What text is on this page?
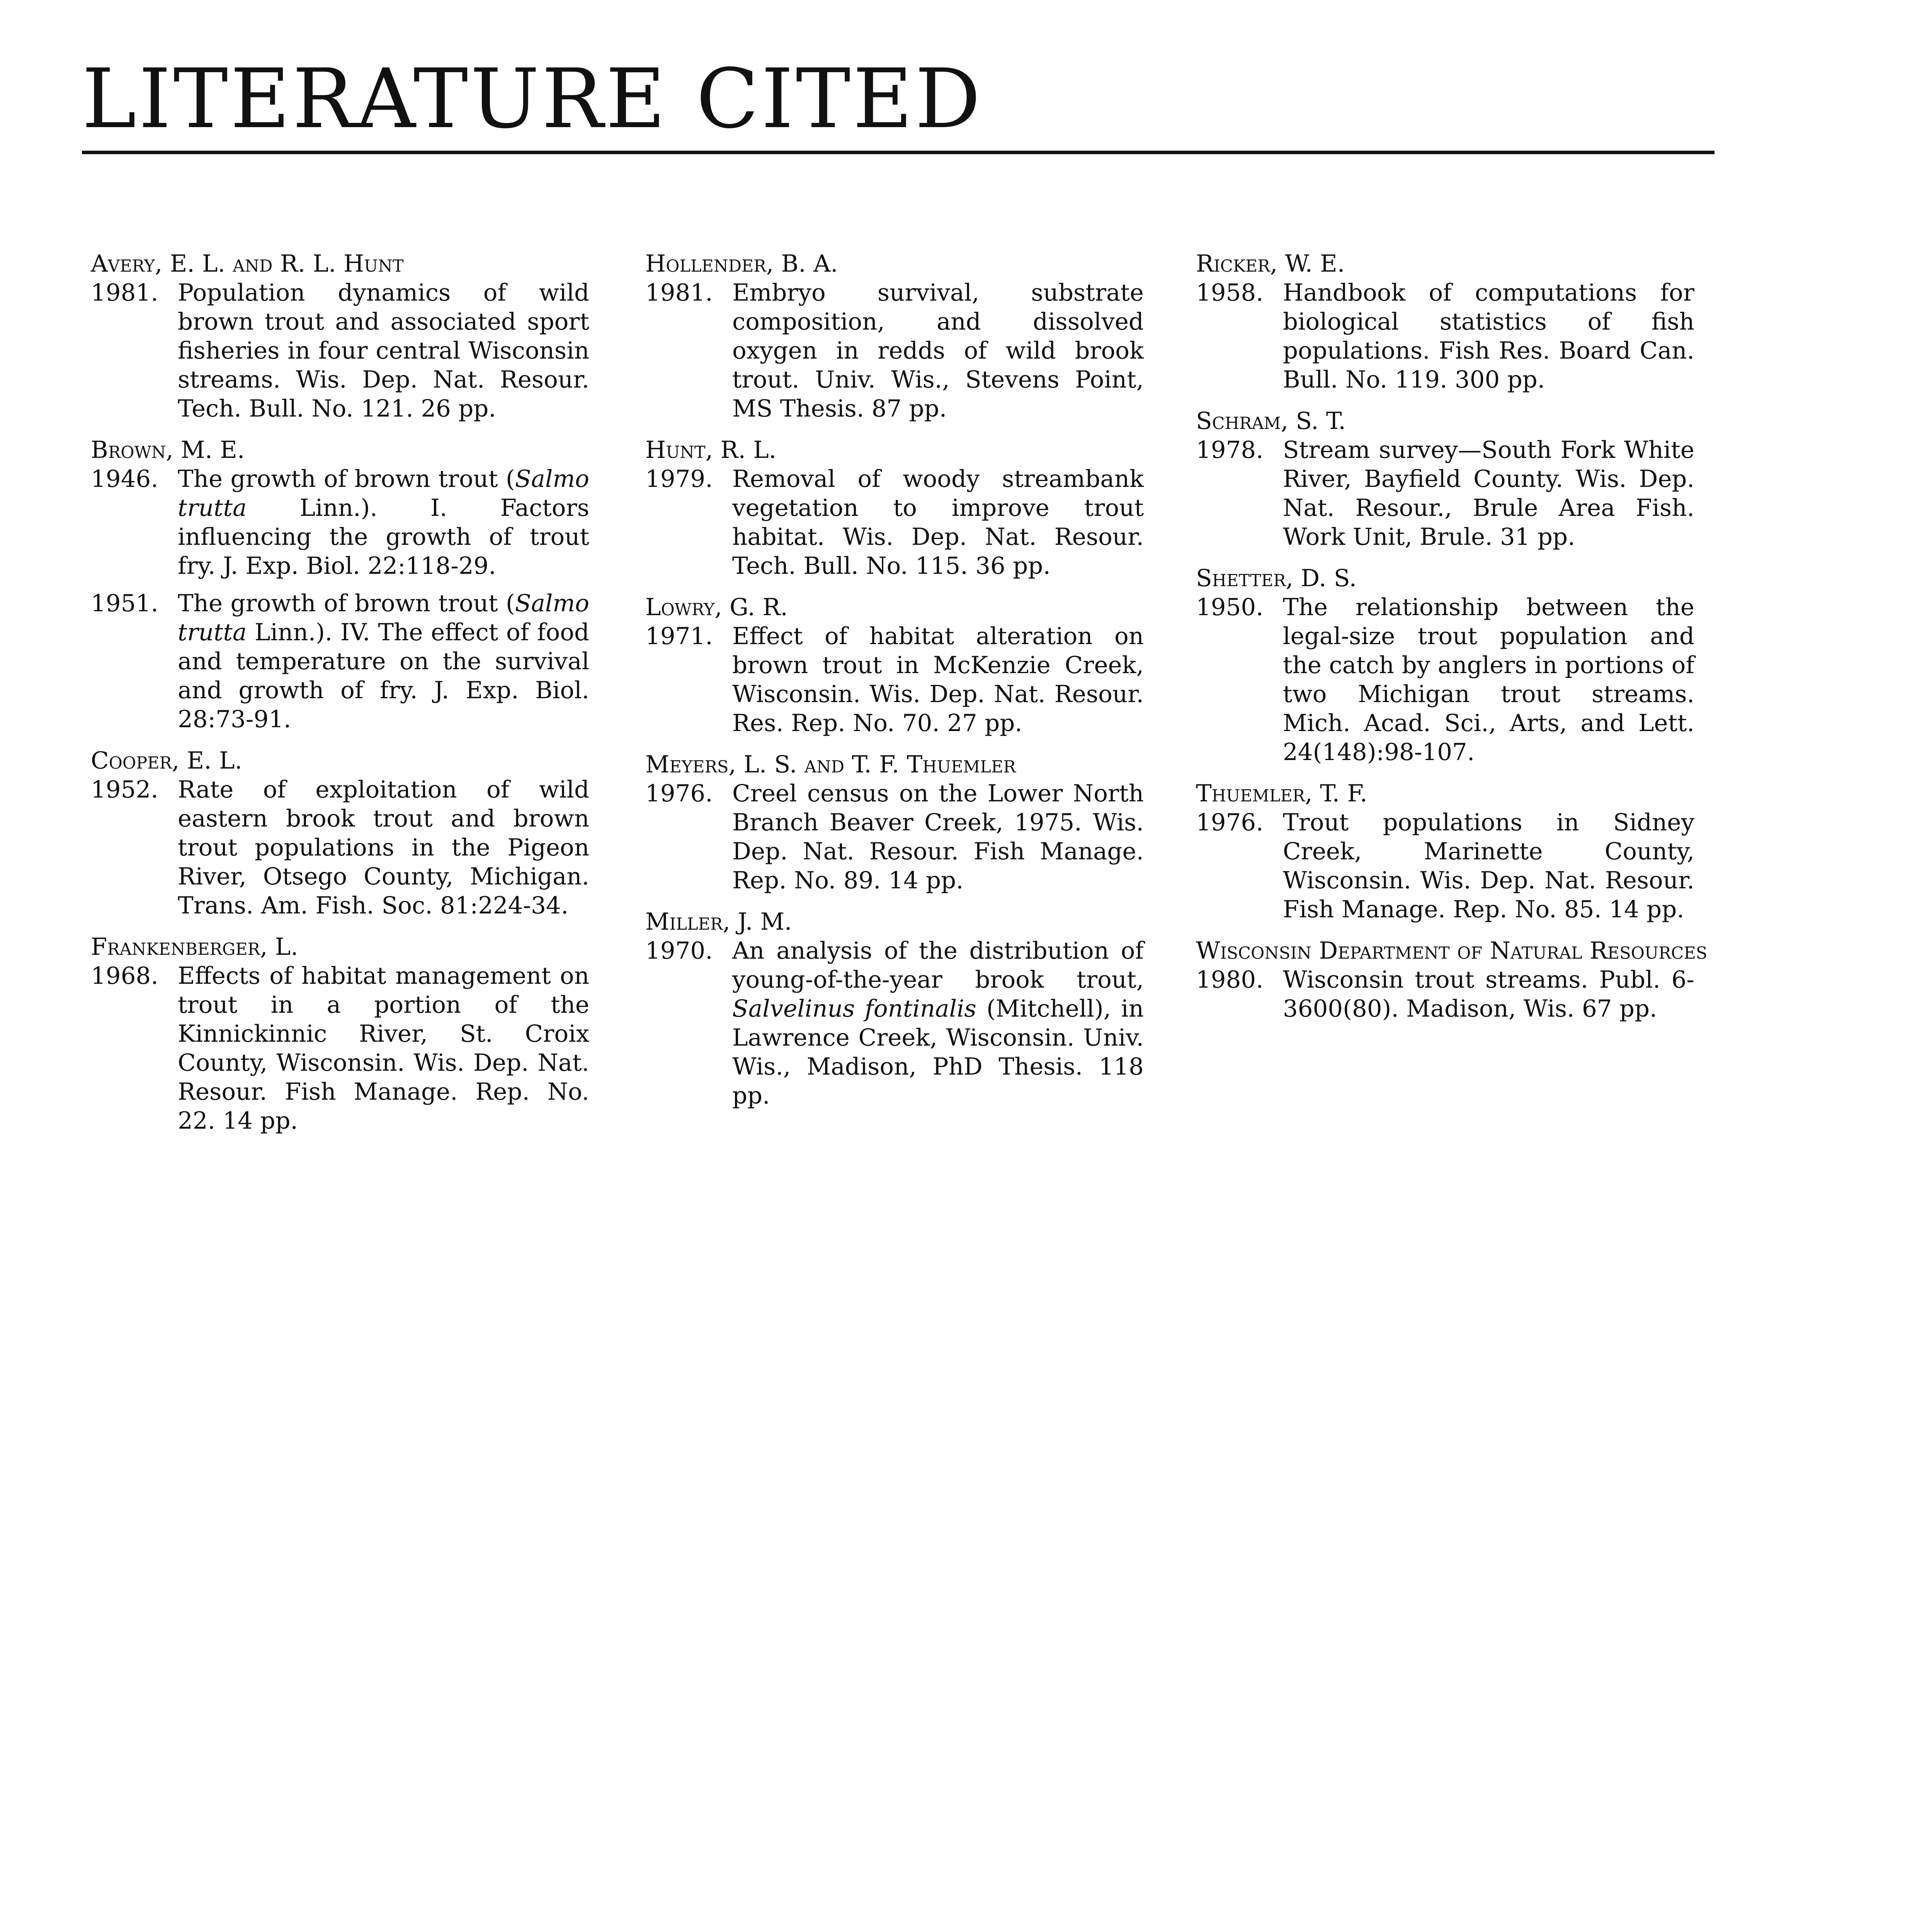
LITERATURE CITED
Avery, E. L. and R. L. Hunt
1981. Population dynamics of wild brown trout and associated sport fisheries in four central Wisconsin streams. Wis. Dep. Nat. Resour. Tech. Bull. No. 121. 26 pp.
Brown, M. E.
1946. The growth of brown trout (Salmo trutta Linn.). I. Factors influencing the growth of trout fry. J. Exp. Biol. 22:118-29.
1951. The growth of brown trout (Salmo trutta Linn.). IV. The effect of food and temperature on the survival and growth of fry. J. Exp. Biol. 28:73-91.
Cooper, E. L.
1952. Rate of exploitation of wild eastern brook trout and brown trout populations in the Pigeon River, Otsego County, Michigan. Trans. Am. Fish. Soc. 81:224-34.
Frankenberger, L.
1968. Effects of habitat management on trout in a portion of the Kinnickinnic River, St. Croix County, Wisconsin. Wis. Dep. Nat. Resour. Fish Manage. Rep. No. 22. 14 pp.
Hollender, B. A.
1981. Embryo survival, substrate composition, and dissolved oxygen in redds of wild brook trout. Univ. Wis., Stevens Point, MS Thesis. 87 pp.
Hunt, R. L.
1979. Removal of woody streambank vegetation to improve trout habitat. Wis. Dep. Nat. Resour. Tech. Bull. No. 115. 36 pp.
Lowry, G. R.
1971. Effect of habitat alteration on brown trout in McKenzie Creek, Wisconsin. Wis. Dep. Nat. Resour. Res. Rep. No. 70. 27 pp.
Meyers, L. S. and T. F. Thuemler
1976. Creel census on the Lower North Branch Beaver Creek, 1975. Wis. Dep. Nat. Resour. Fish Manage. Rep. No. 89. 14 pp.
Miller, J. M.
1970. An analysis of the distribution of young-of-the-year brook trout, Salvelinus fontinalis (Mitchell), in Lawrence Creek, Wisconsin. Univ. Wis., Madison, PhD Thesis. 118 pp.
Ricker, W. E.
1958. Handbook of computations for biological statistics of fish populations. Fish Res. Board Can. Bull. No. 119. 300 pp.
Schram, S. T.
1978. Stream survey—South Fork White River, Bayfield County. Wis. Dep. Nat. Resour., Brule Area Fish. Work Unit, Brule. 31 pp.
Shetter, D. S.
1950. The relationship between the legal-size trout population and the catch by anglers in portions of two Michigan trout streams. Mich. Acad. Sci., Arts, and Lett. 24(148):98-107.
Thuemler, T. F.
1976. Trout populations in Sidney Creek, Marinette County, Wisconsin. Wis. Dep. Nat. Resour. Fish Manage. Rep. No. 85. 14 pp.
Wisconsin Department of Natural Resources
1980. Wisconsin trout streams. Publ. 6-3600(80). Madison, Wis. 67 pp.
